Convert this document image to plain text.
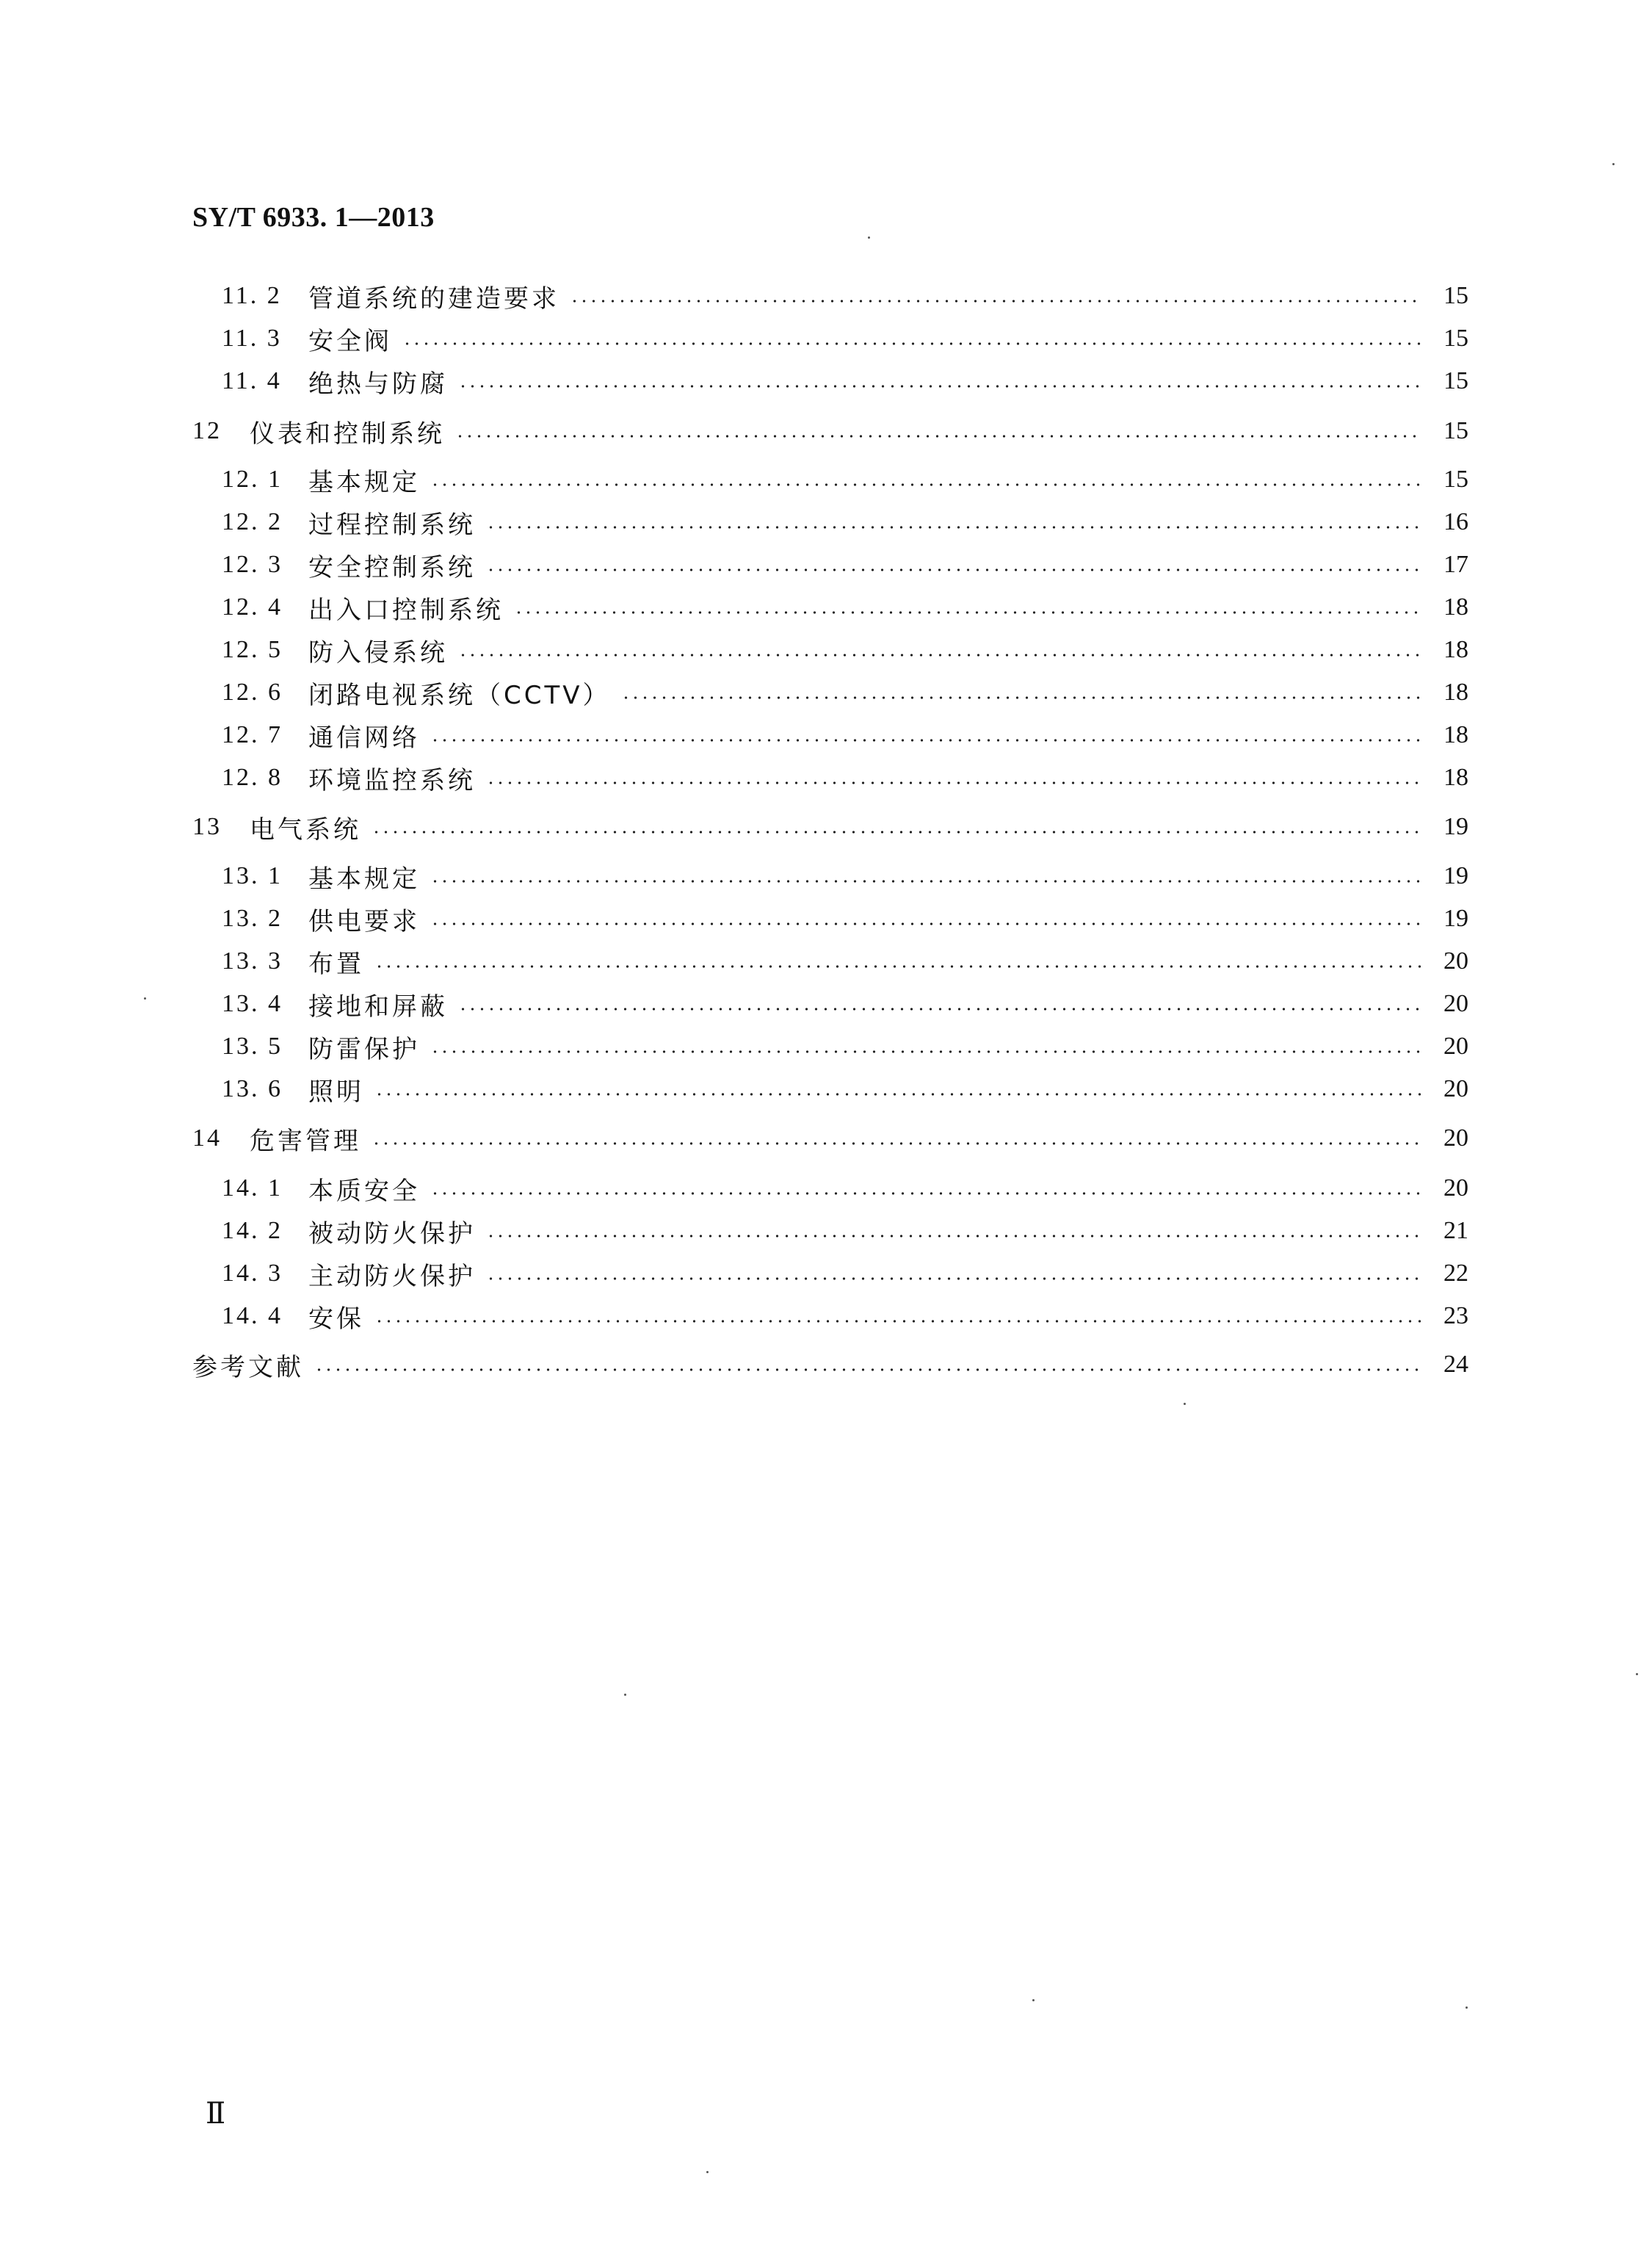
SY/T 6933. 1—2013
11. 2	管道系统的建造要求	15
11. 3	安全阀	15
11. 4	绝热与防腐	15
12	仪表和控制系统	15
12. 1	基本规定	15
12. 2	过程控制系统	16
12. 3	安全控制系统	17
12. 4	出入口控制系统	18
12. 5	防入侵系统	18
12. 6	闭路电视系统（CCTV）	18
12. 7	通信网络	18
12. 8	环境监控系统	18
13	电气系统	19
13. 1	基本规定	19
13. 2	供电要求	19
13. 3	布置	20
13. 4	接地和屏蔽	20
13. 5	防雷保护	20
13. 6	照明	20
14	危害管理	20
14. 1	本质安全	20
14. 2	被动防火保护	21
14. 3	主动防火保护	22
14. 4	安保	23
参考文献	24
Ⅱ
